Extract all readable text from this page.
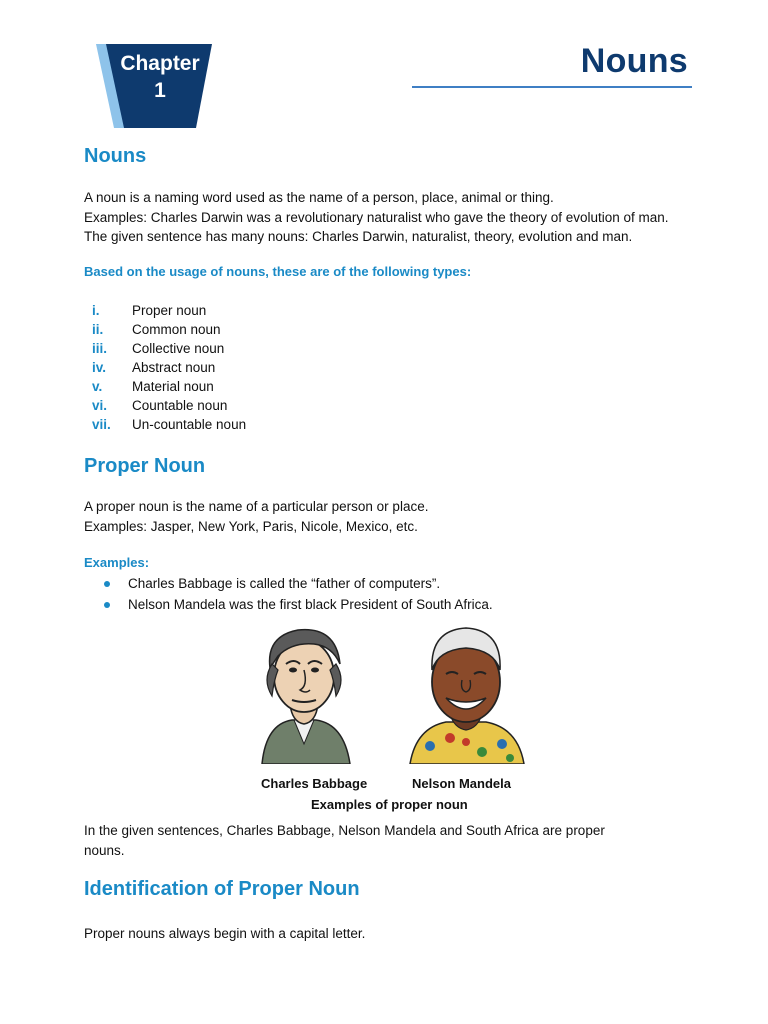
Chapter
1
Nouns
Nouns
A noun is a naming word used as the name of a person, place, animal or thing.
Examples: Charles Darwin was a revolutionary naturalist who gave the theory of evolution of man.
The given sentence has many nouns: Charles Darwin, naturalist, theory, evolution and man.
Based on the usage of nouns, these are of the following types:
i.	Proper noun
ii.	Common noun
iii.	Collective noun
iv.	Abstract noun
v.	Material noun
vi.	Countable noun
vii.	Un-countable noun
Proper Noun
A proper noun is the name of a particular person or place.
Examples: Jasper, New York, Paris, Nicole, Mexico, etc.
Examples:
Charles Babbage is called the “father of computers”.
Nelson Mandela was the first black President of South Africa.
Charles Babbage	Nelson Mandela
Examples of proper noun
In the given sentences, Charles Babbage, Nelson Mandela and South Africa are proper
nouns.
Identification of Proper Noun
Proper nouns always begin with a capital letter.
